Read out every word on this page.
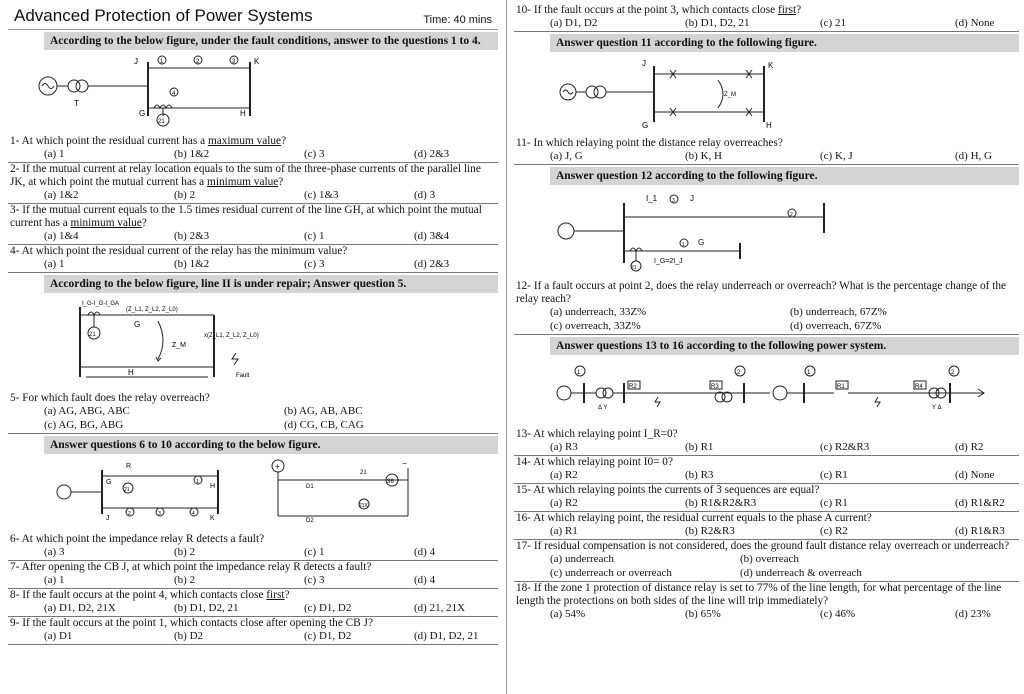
Advanced Protection of Power Systems	Time: 40 mins
According to the below figure, under the fault conditions, answer to the questions 1 to 4.
J	1	2	3 K
4
21
G	H
T
1- At which point the residual current has a maximum value?
(a) 1	(b) 1&2	(c) 3	(d) 2&3
2- If the mutual current at relay location equals to the sum of the three-phase currents of the parallel line JK, at which point the mutual current has a minimum value?
(a) 1&2	(b) 2	(c) 1&3	(d) 3
3- If the mutual current equals to the 1.5 times residual current of the line GH, at which point the mutual current has a minimum value?
(a) 1&4	(b) 2&3	(c) 1	(d) 3&4
4- At which point the residual current of the relay has the minimum value?
(a) 1	(b) 1&2	(c) 3	(d) 2&3
According to the below figure, line II is under repair; Answer question 5.
I_G-I_G-I_GA
(Z_L1, Z_L2, Z_L0)
21
G
Z_M
H
x(Z_L1, Z_L2, Z_L0)
Fault
5- For which fault does the relay overreach?
(a) AG, ABG, ABC	(b) AG, AB, ABC
(c) AG, BG, ABG	(d) CG, CB, CAG
Answer questions 6 to 10 according to the below figure.
R
G
21	H
J	K
1
2	3	4
+
D1
D2
21
36
21X
−
6- At which point the impedance relay R detects a fault?
(a) 3	(b) 2	(c) 1	(d) 4
7- After opening the CB J, at which point the impedance relay R detects a fault?
(a) 1	(b) 2	(c) 3	(d) 4
8- If the fault occurs at the point 4, which contacts close first?
(a) D1, D2, 21X	(b) D1, D2, 21	(c) D1, D2	(d) 21, 21X
9- If the fault occurs at the point 1, which contacts close after opening the CB J?
(a) D1	(b) D2	(c) D1, D2	(d) D1, D2, 21
10- If the fault occurs at the point 3, which contacts close first?
(a) D1, D2	(b) D1, D2, 21	(c) 21	(d) None
Answer question 11 according to the following figure.
J	K
G	H
Z_M
11- In which relaying point the distance relay overreaches?
(a) J, G	(b) K, H	(c) K, J	(d) H, G
Answer question 12 according to the following figure.
I_1	3 J
2
1 G
21
I_G=2I_J
12- If a fault occurs at point 2, does the relay underreach or overreach? What is the percentage change of the relay reach?
(a) underreach, 33Z%	(b) underreach, 67Z%
(c) overreach, 33Z%	(d) overreach, 67Z%
Answer questions 13 to 16 according to the following power system.
1
Δ Y
R2	R3
2	1
R1	R4
Y Δ
2
13- At which relaying point I_R=0?
(a) R3	(b) R1	(c) R2&R3	(d) R2
14- At which relaying point I0= 0?
(a) R2	(b) R3	(c) R1	(d) None
15- At which relaying points the currents of 3 sequences are equal?
(a) R2	(b) R1&R2&R3	(c) R1	(d) R1&R2
16- At which relaying point, the residual current equals to the phase A current?
(a) R1	(b) R2&R3	(c) R2	(d) R1&R3
17- If residual compensation is not considered, does the ground fault distance relay overreach or underreach?
(a) underreach	(b) overreach
(c) underreach or overreach	(d) underreach & overreach
18- If the zone 1 protection of distance relay is set to 77% of the line length, for what percentage of the line length the protections on both sides of the line will trip immediately?
(a) 54%	(b) 65%	(c) 46%	(d) 23%
